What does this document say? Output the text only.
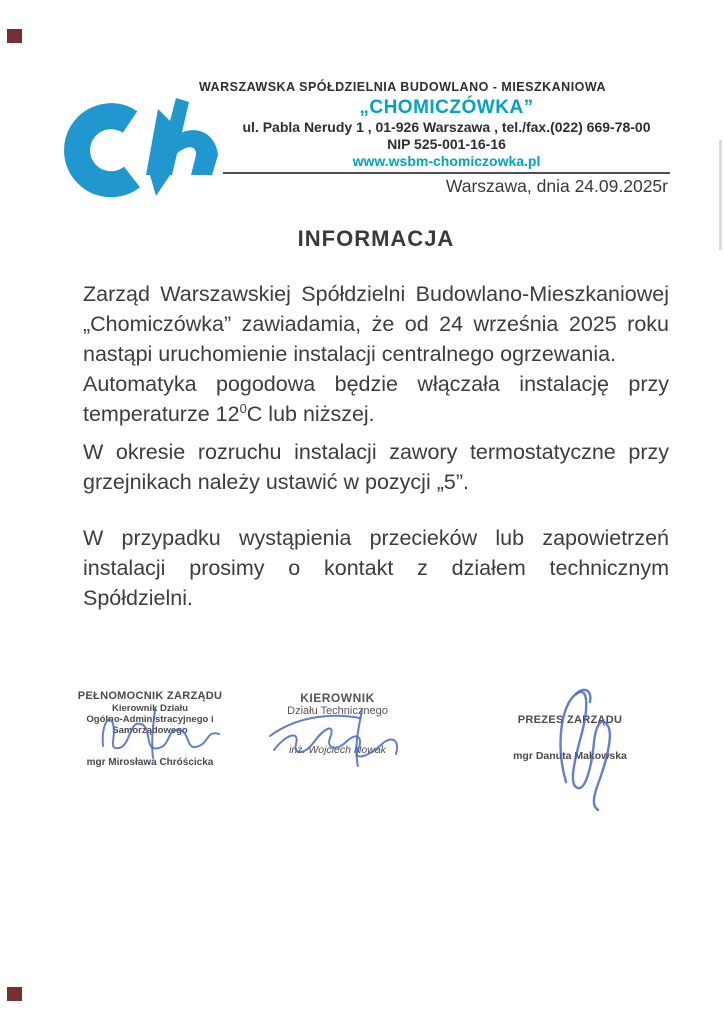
WARSZAWSKA SPÓŁDZIELNIA BUDOWLANO - MIESZKANIOWA
„CHOMICZÓWKA”
ul. Pabla Nerudy 1 , 01-926 Warszawa , tel./fax.(022) 669-78-00
NIP 525-001-16-16
www.wsbm-chomiczowka.pl
Warszawa, dnia 24.09.2025r
INFORMACJA

Zarząd Warszawskiej Spółdzielni Budowlano-Mieszkaniowej
„Chomiczówka” zawiadamia, że od 24 września 2025 roku
nastąpi uruchomienie instalacji centralnego ogrzewania.

Automatyka pogodowa będzie włączała instalację przy
temperaturze $12^0C$ lub niższej.

W okresie rozruchu instalacji zawory termostatyczne przy
grzejnikach należy ustawić w pozycji „5”.

W przypadku wystąpienia przecieków lub zapowietrzeń
instalacji prosimy o kontakt z działem technicznym
Spółdzielni.

PEŁNOMOCNIK ZARZĄDU
Kierownik Działu
Ogólno-Administracyjnego i Samorządowego
mgr Mirosława Chróścicka
KIEROWNIK
Działu Technicznego
inż. Wojciech Nowak
PREZES ZARZĄDU
mgr Danuta Makowska
